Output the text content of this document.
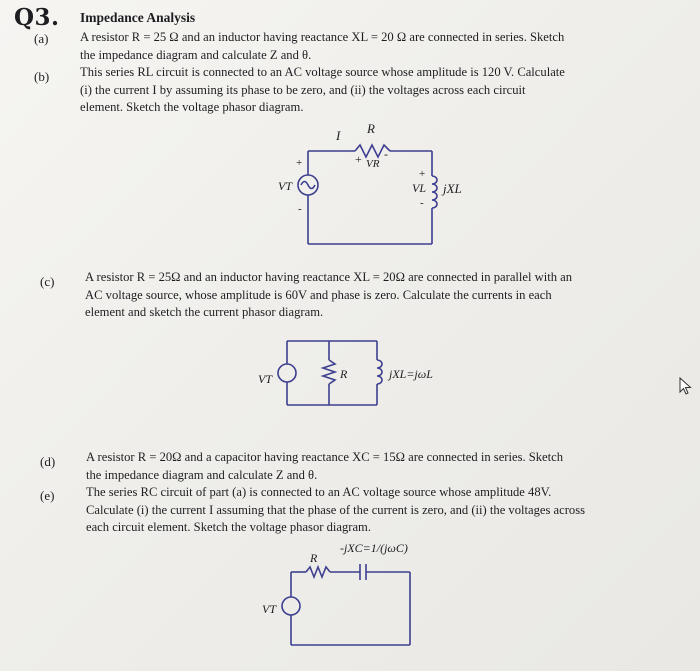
Q3. Impedance Analysis
(a)	A resistor R = 25 Ω and an inductor having reactance XL = 20 Ω are connected in series. Sketch
the impedance diagram and calculate Z and θ.
(b) This series RL circuit is connected to an AC voltage source whose amplitude is 120 V. Calculate
(i) the current I by assuming its phase to be zero, and (ii) the voltages across each circuit
element. Sketch the voltage phasor diagram.
(c) A resistor R = 25Ω and an inductor having reactance XL = 20Ω are connected in parallel with an
AC voltage source, whose amplitude is 60V and phase is zero. Calculate the currents in each
element and sketch the current phasor diagram.
(d) A resistor R = 20Ω and a capacitor having reactance XC = 15Ω are connected in series. Sketch
the impedance diagram and calculate Z and θ.
(e)	The series RC circuit of part (a) is connected to an AC voltage source whose amplitude 48V.
Calculate (i) the current I assuming that the phase of the current is zero, and (ii) the voltages across
each circuit element. Sketch the voltage phasor diagram.
I R
+ VR
-
+
VT
-
+
VL
-
jXL
VT	R	jXL=jωL
R
-jXC=1/(jωC)
VT
